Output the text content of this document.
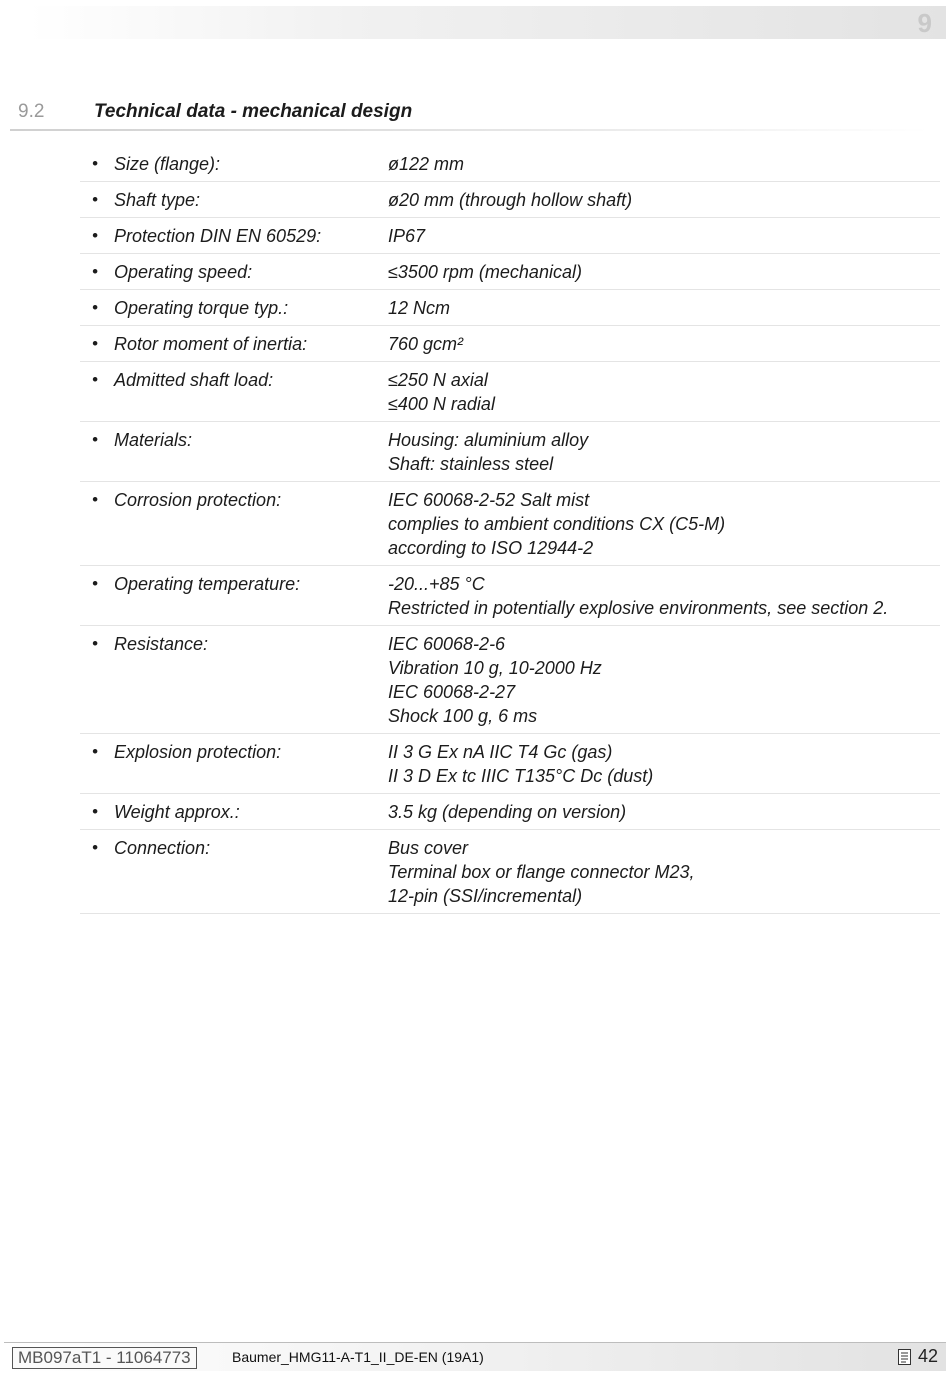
9
9.2	Technical data - mechanical design
• Size (flange):	ø122 mm
• Shaft type:	ø20 mm (through hollow shaft)
• Protection DIN EN 60529:	IP67
• Operating speed:	≤3500 rpm (mechanical)
• Operating torque typ.:	12 Ncm
• Rotor moment of inertia:	760 gcm²
• Admitted shaft load:	≤250 N axial
≤400 N radial
• Materials:	Housing: aluminium alloy
Shaft: stainless steel
• Corrosion protection:	IEC 60068-2-52 Salt mist
complies to ambient conditions CX (C5-M)
according to ISO 12944-2
• Operating temperature:	-20...+85 °C
Restricted in potentially explosive environments, see section 2.
• Resistance:	IEC 60068-2-6
Vibration 10 g, 10-2000 Hz
IEC 60068-2-27
Shock 100 g, 6 ms
• Explosion protection:	II 3 G Ex nA IIC T4 Gc (gas)
II 3 D Ex tc IIIC T135°C Dc (dust)
• Weight approx.:	3.5 kg (depending on version)
• Connection:	Bus cover
Terminal box or flange connector M23,
12-pin (SSI/incremental)
MB097aT1 - 11064773	Baumer_HMG11-A-T1_II_DE-EN (19A1)	42
